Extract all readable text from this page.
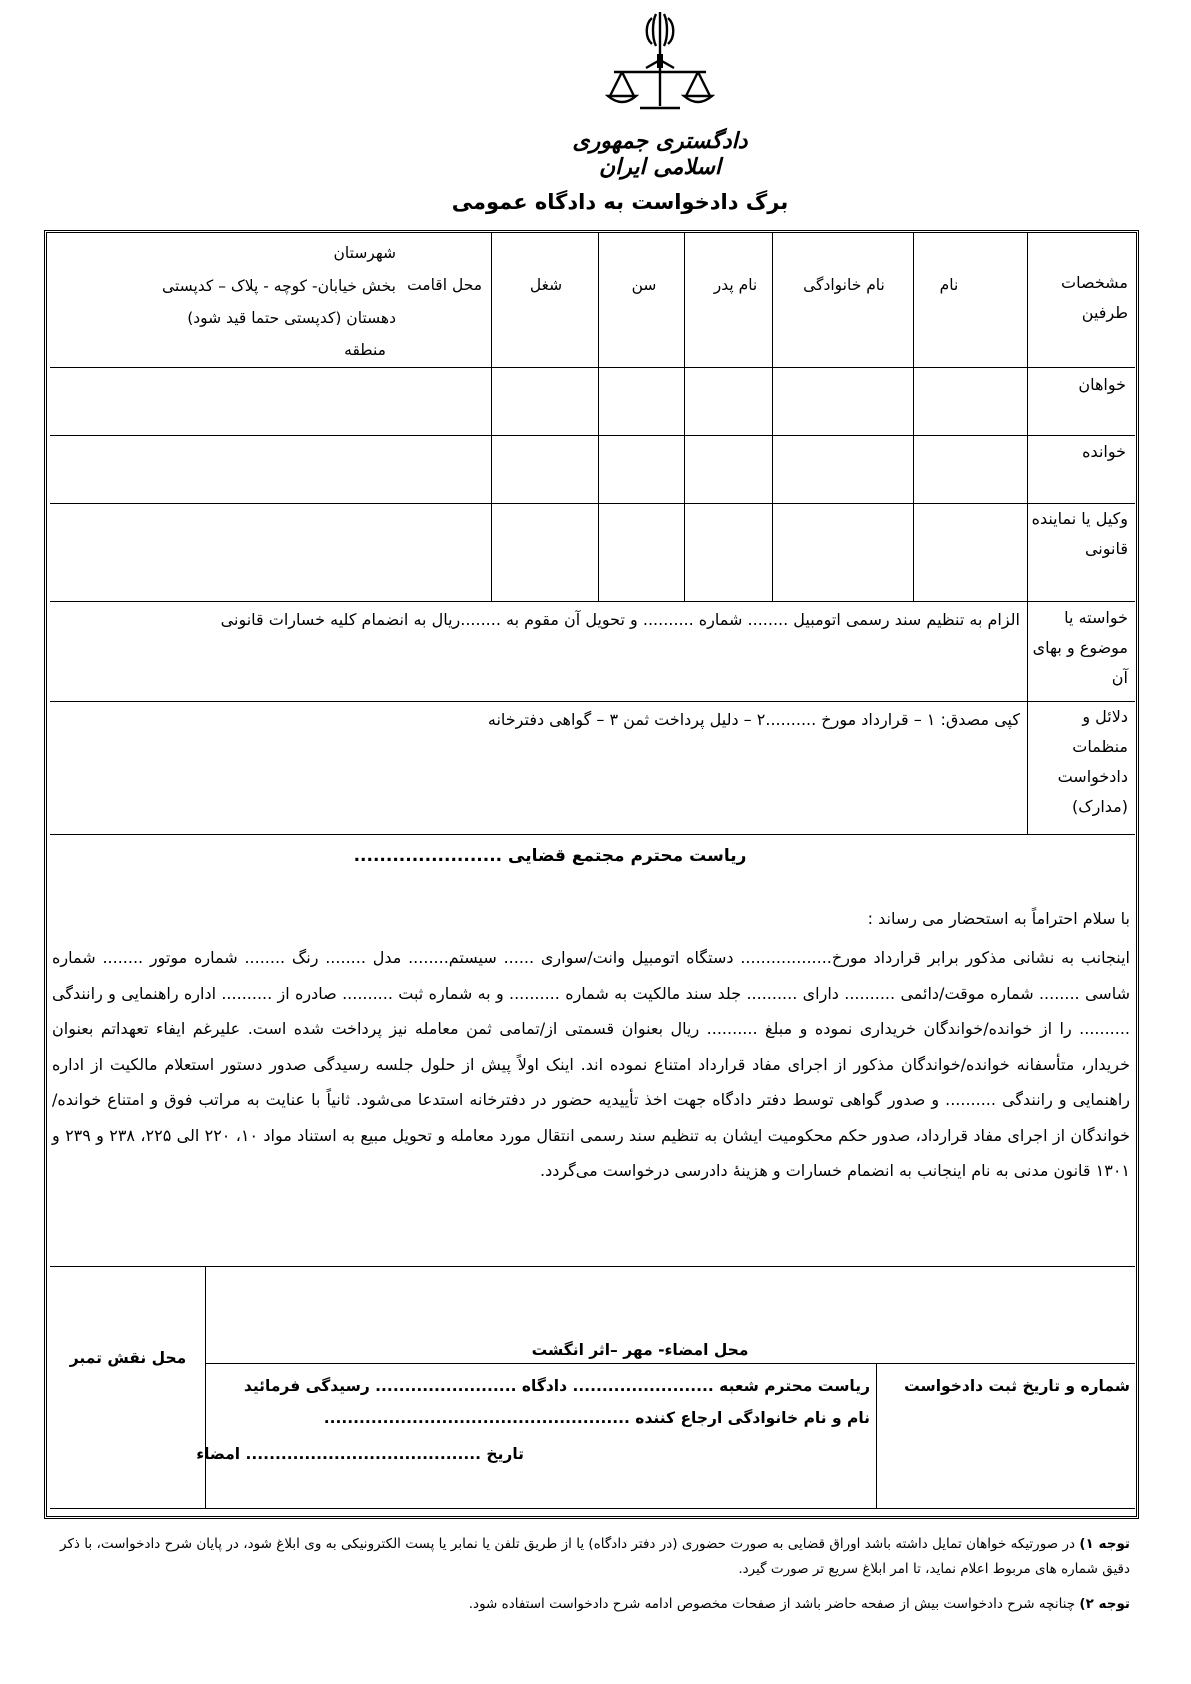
دادگستری جمهوری اسلامی ایران
برگ دادخواست به دادگاه عمومی
مشخصات طرفین
نام
نام خانوادگی
نام پدر
سن
شغل
محل اقامت
شهرستان
بخش خیابان- کوچه - پلاک – کدپستی
دهستان (کدپستی حتما قید شود)
منطقه
خواهان
خوانده
وکیل یا نماینده قانونی
خواسته یا موضوع و بهای آن
الزام به تنظیم سند رسمی اتومبیل ........ شماره .......... و تحویل آن مقوم به ........ریال به انضمام کلیه خسارات قانونی
دلائل و منظمات دادخواست (مدارک)
کپی مصدق: ۱ – قرارداد مورخ ..........۲ – دلیل پرداخت ثمن ۳ – گواهی دفترخانه
ریاست محترم مجتمع قضایی .......................
با سلام احتراماً به استحضار می رساند :
اینجانب به نشانی مذکور برابر قرارداد مورخ.................. دستگاه اتومبیل وانت/سواری ...... سیستم........ مدل ........ رنگ ........ شماره موتور ........ شماره شاسی ........ شماره موقت/دائمی .......... دارای .......... جلد سند مالکیت به شماره .......... و به شماره ثبت .......... صادره از .......... اداره راهنمایی و رانندگی .......... را از خوانده/خواندگان خریداری نموده و مبلغ .......... ریال بعنوان قسمتی از/تمامی ثمن معامله نیز پرداخت شده است. علیرغم ایفاء تعهداتم بعنوان خریدار، متأسفانه خوانده/خواندگان مذکور از اجرای مفاد قرارداد امتناع نموده اند. اینک اولاً پیش از حلول جلسه رسیدگی صدور دستور استعلام مالکیت از اداره راهنمایی و رانندگی .......... و صدور گواهی توسط دفتر دادگاه جهت اخذ تأییدیه حضور در دفترخانه استدعا می‌شود. ثانیاً با عنایت به مراتب فوق و امتناع خوانده/خواندگان از اجرای مفاد قرارداد، صدور حکم محکومیت ایشان به تنظیم سند رسمی انتقال مورد معامله و تحویل مبیع به استناد مواد ۱۰، ۲۲۰ الی ۲۲۵، ۲۳۸ و ۲۳۹ و ۱۳۰۱ قانون مدنی به نام اینجانب به انضمام خسارات و هزینهٔ دادرسی درخواست می‌گردد.
محل نقش تمبر	محل امضاء- مهر –اثر انگشت
شماره و تاریخ ثبت دادخواست
ریاست محترم شعبه ........................ دادگاه ........................ رسیدگی فرمائید
نام و نام خانوادگی ارجاع کننده ....................................................
تاریخ ........................................ امضاء
توجه ۱) در صورتیکه خواهان تمایل داشته باشد اوراق قضایی به صورت حضوری (در دفتر دادگاه) یا از طریق تلفن یا نمابر یا پست الکترونیکی به وی ابلاغ شود، در پایان شرح دادخواست، با ذکر دقیق شماره های مربوط اعلام نماید، تا امر ابلاغ سریع تر صورت گیرد.
توجه ۲) چنانچه شرح دادخواست بیش از صفحه حاضر باشد از صفحات مخصوص ادامه شرح دادخواست استفاده شود.
